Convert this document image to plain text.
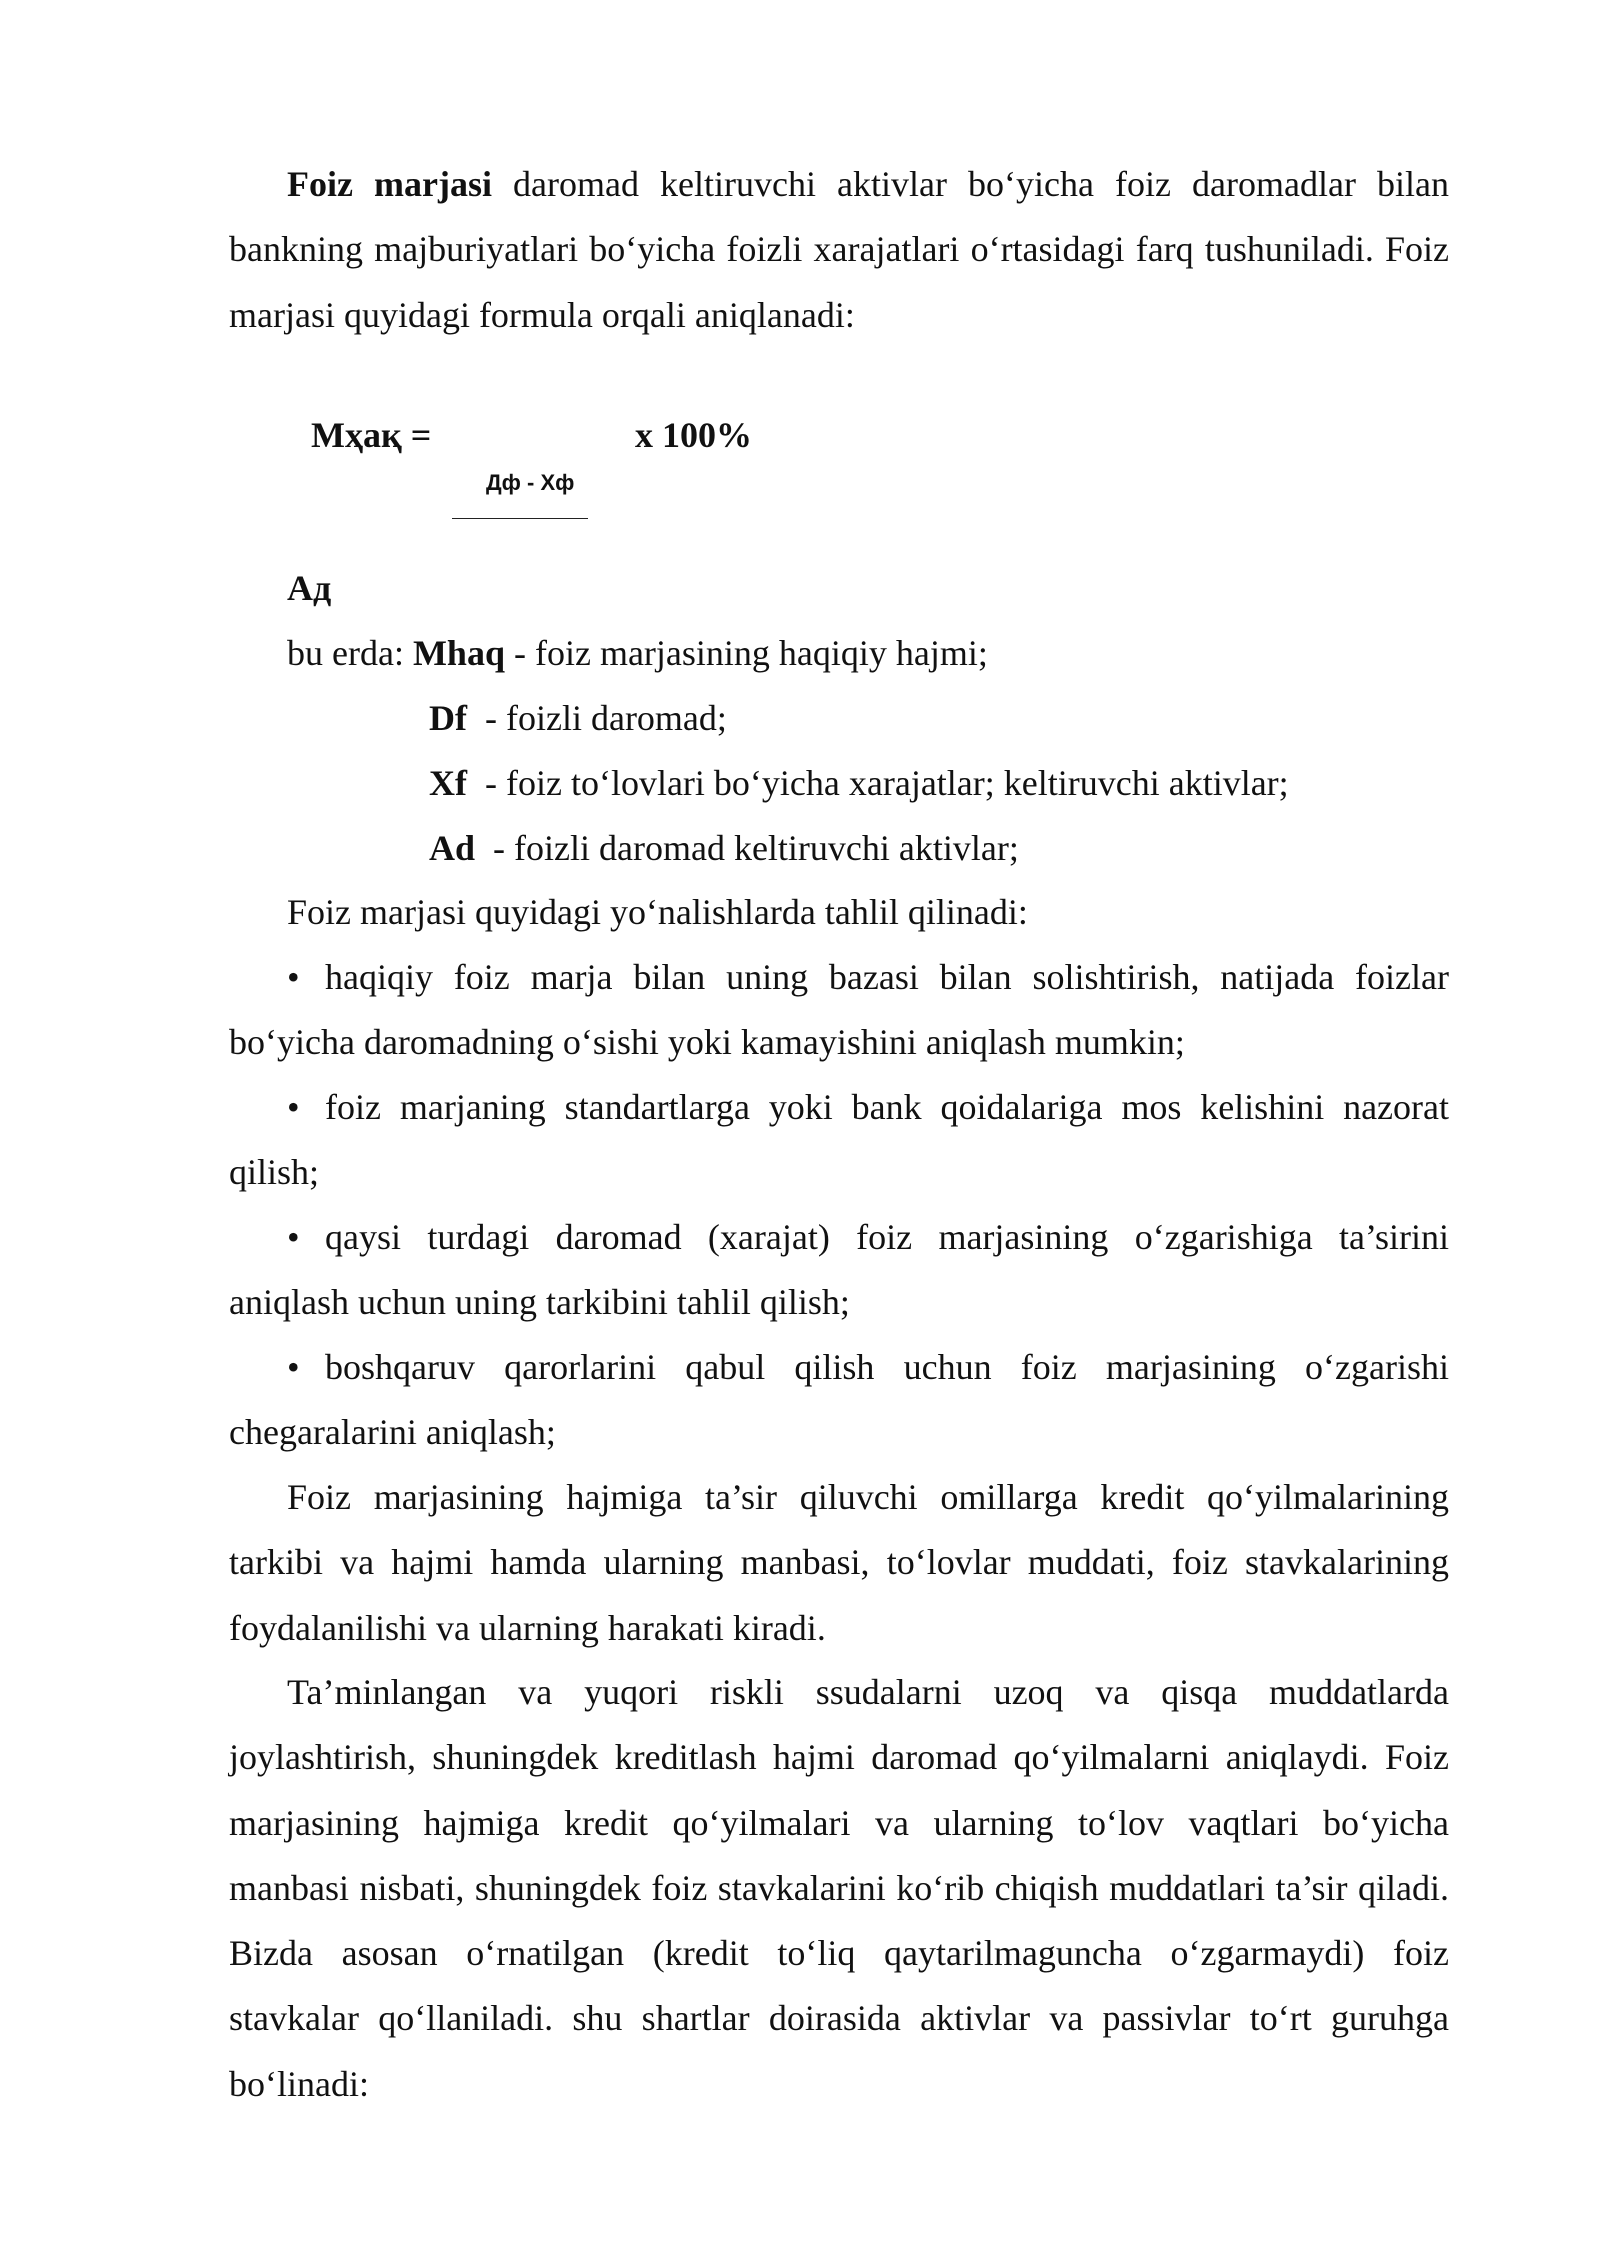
Foiz marjasi daromad keltiruvchi aktivlar bo‘yicha foiz daromadlar bilan bankning majburiyatlari bo‘yicha foizli xarajatlari o‘rtasidagi farq tushuniladi. Foiz marjasi quyidagi formula orqali aniqlanadi:

Mҳақ =	x 100%
Дф - Хф
Ад
bu erda: Mhaq - foiz marjasining haqiqiy hajmi;
Df  - foizli daromad;
Xf  - foiz to‘lovlari bo‘yicha xarajatlar; keltiruvchi aktivlar;
Ad  - foizli daromad keltiruvchi aktivlar;

Foiz marjasi quyidagi yo‘nalishlarda tahlil qilinadi:

• haqiqiy foiz marja bilan uning bazasi bilan solishtirish, natijada foizlar bo‘yicha daromadning o‘sishi yoki kamayishini aniqlash mumkin;

• foiz marjaning standartlarga yoki bank qoidalariga mos kelishini nazorat qilish;

• qaysi turdagi daromad (xarajat) foiz marjasining o‘zgarishiga ta’sirini aniqlash uchun uning tarkibini tahlil qilish;

• boshqaruv qarorlarini qabul qilish uchun foiz marjasining o‘zgarishi chegaralarini aniqlash;

Foiz marjasining hajmiga ta’sir qiluvchi omillarga kredit qo‘yilmalarining tarkibi va hajmi hamda ularning manbasi, to‘lovlar muddati, foiz stavkalarining foydalanilishi va ularning harakati kiradi.

Ta’minlangan va yuqori riskli ssudalarni uzoq va qisqa muddatlarda joylashtirish, shuningdek kreditlash hajmi daromad qo‘yilmalarni aniqlaydi. Foiz marjasining hajmiga kredit qo‘yilmalari va ularning to‘lov vaqtlari bo‘yicha manbasi nisbati, shuningdek foiz stavkalarini ko‘rib chiqish muddatlari ta’sir qiladi. Bizda asosan o‘rnatilgan (kredit to‘liq qaytarilmaguncha o‘zgarmaydi) foiz stavkalar qo‘llaniladi. shu shartlar doirasida aktivlar va passivlar to‘rt guruhga bo‘linadi:
